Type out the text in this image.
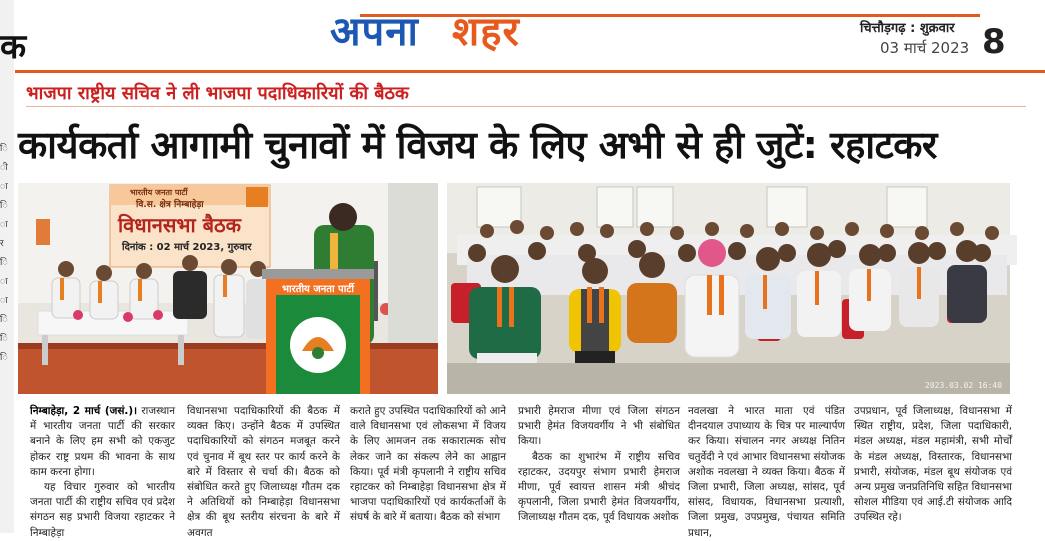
ि ी ा ि ा र ि ा ा ि ि ि
क	अपना शहर	चित्तौड़गढ़ : शुक्रवार
03 मार्च 2023 8
भाजपा राष्ट्रीय सचिव ने ली भाजपा पदाधिकारियों की बैठक
कार्यकर्ता आगामी चुनावों में विजय के लिए अभी से ही जुटें: रहाटकर
भारतीय जनता पार्टी
वि.स. क्षेत्र निम्बाहेड़ा
विधानसभा बैठक
दिनांक : 02 मार्च 2023, गुरुवार
भारतीय जनता पार्टी
2023.03.02 16:40

निम्बाहेड़ा, 2 मार्च (जसं.)। राजस्थान में भारतीय जनता पार्टी की सरकार बनाने के लिए हम सभी को एकजुट होकर राष्ट्र प्रथम की भावना के साथ काम करना होगा।

यह विचार गुरुवार को भारतीय जनता पार्टी की राष्ट्रीय सचिव एवं प्रदेश संगठन सह प्रभारी विजया रहाटकर ने निम्बाहेड़ा

विधानसभा पदाधिकारियों की बैठक में व्यक्त किए। उन्होंने बैठक में उपस्थित पदाधिकारियों को संगठन मजबूत करने एवं चुनाव में बूथ स्तर पर कार्य करने के बारे में विस्तार से चर्चा की। बैठक को संबोधित करते हुए जिलाध्यक्ष गौतम दक ने अतिथियों को निम्बाहेड़ा विधानसभा क्षेत्र की बूथ स्तरीय संरचना के बारे में अवगत

कराते हुए उपस्थित पदाधिकारियों को आने वाले विधानसभा एवं लोकसभा में विजय के लिए आमजन तक सकारात्मक सोच लेकर जाने का संकल्प लेने का आह्वान किया। पूर्व मंत्री कृपलानी ने राष्ट्रीय सचिव रहाटकर को निम्बाहेड़ा विधानसभा क्षेत्र में भाजपा पदाधिकारियों एवं कार्यकर्ताओं के संघर्ष के बारे में बताया। बैठक को संभाग

प्रभारी हेमराज मीणा एवं जिला संगठन प्रभारी हेमंत विजयवर्गीय ने भी संबोधित किया।

बैठक का शुभारंभ में राष्ट्रीय सचिव रहाटकर, उदयपुर संभाग प्रभारी हेमराज मीणा, पूर्व स्वायत्त शासन मंत्री श्रीचंद कृपलानी, जिला प्रभारी हेमंत विजयवर्गीय, जिलाध्यक्ष गौतम दक, पूर्व विधायक अशोक

नवलखा ने भारत माता एवं पंडित दीनदयाल उपाध्याय के चित्र पर माल्यार्पण कर किया। संचालन नगर अध्यक्ष नितिन चतुर्वेदी ने एवं आभार विधानसभा संयोजक अशोक नवलखा ने व्यक्त किया। बैठक में जिला प्रभारी, जिला अध्यक्ष, सांसद, पूर्व सांसद, विधायक, विधानसभा प्रत्याशी, जिला प्रमुख, उपप्रमुख, पंचायत समिति प्रधान,

उपप्रधान, पूर्व जिलाध्यक्ष, विधानसभा में स्थित राष्ट्रीय, प्रदेश, जिला पदाधिकारी, मंडल अध्यक्ष, मंडल महामंत्री, सभी मोर्चों के मंडल अध्यक्ष, विस्तारक, विधानसभा प्रभारी, संयोजक, मंडल बूथ संयोजक एवं अन्य प्रमुख जनप्रतिनिधि सहित विधानसभा सोशल मीडिया एवं आई.टी संयोजक आदि उपस्थित रहे।
